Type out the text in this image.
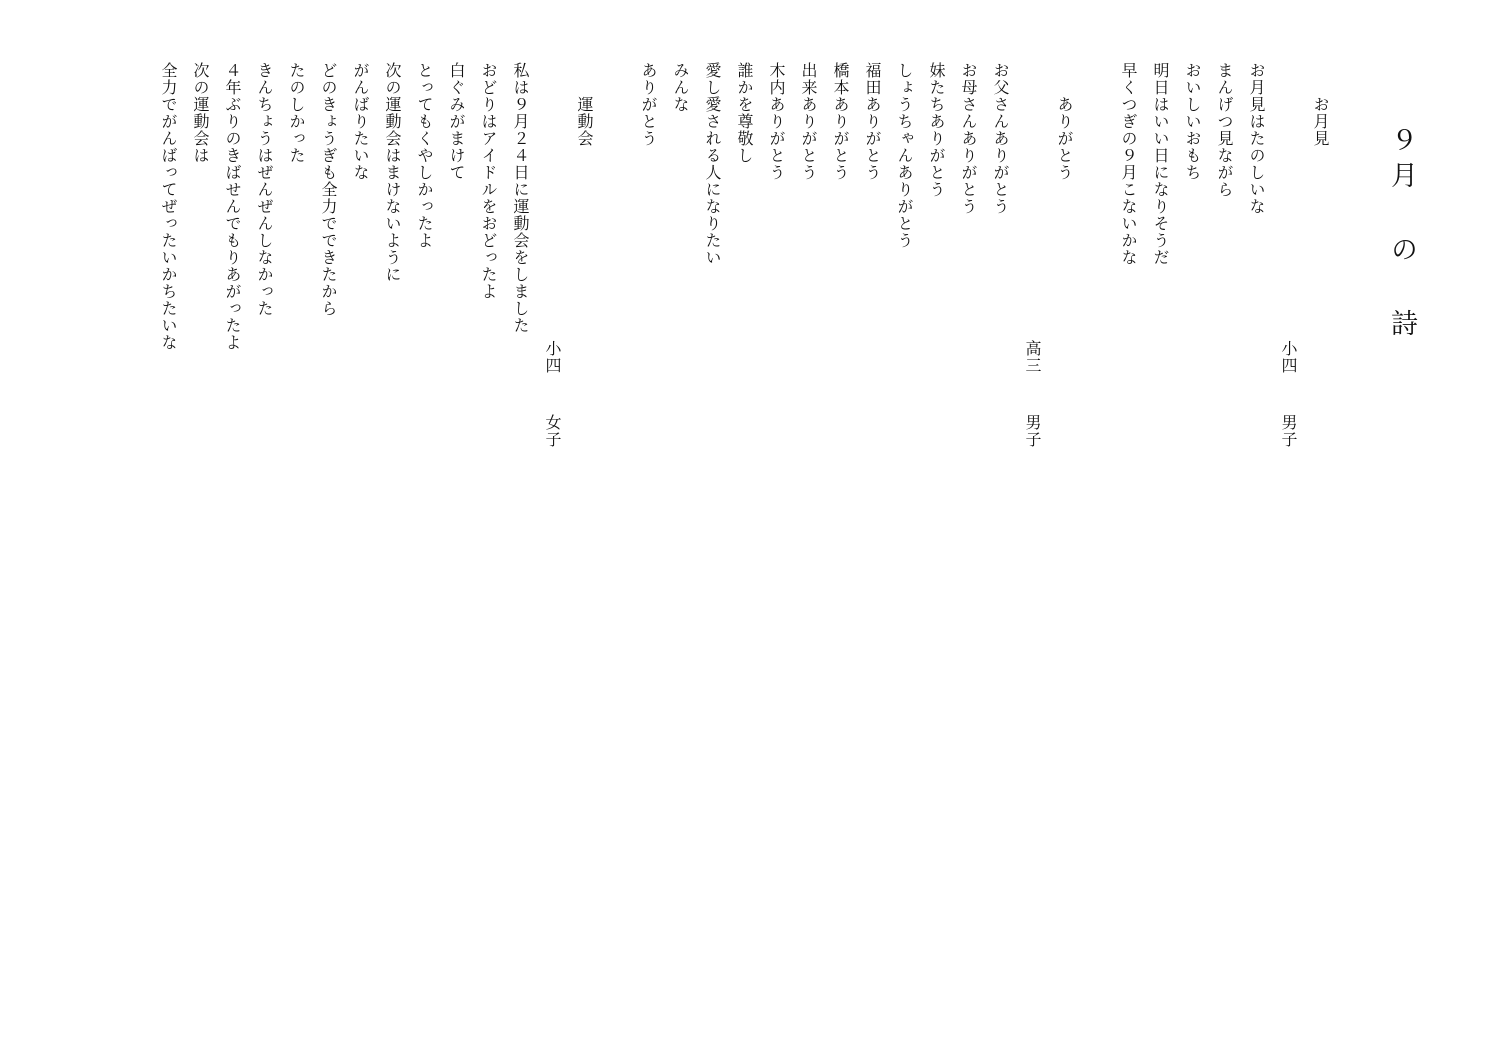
９月 の 詩
お月見
小四男子
お月見はたのしいな
まんげつ見ながら
おいしいおもち
明日はいい日になりそうだ
早くつぎの９月こないかな
ありがとう
高三男子
お父さんありがとう
お母さんありがとう
妹たちありがとう
しょうちゃんありがとう
福田ありがとう
橋本ありがとう
出来ありがとう
木内ありがとう
誰かを尊敬し
愛し愛される人になりたい
みんな
ありがとう
運動会
小四女子
私は９月２４日に運動会をしました
おどりはアイドルをおどったよ
白ぐみがまけて
とってもくやしかったよ
次の運動会はまけないように
がんばりたいな
どのきょうぎも全力でできたから
たのしかった
きんちょうはぜんぜんしなかった
４年ぶりのきばせんでもりあがったよ
次の運動会は
全力でがんばってぜったいかちたいな
